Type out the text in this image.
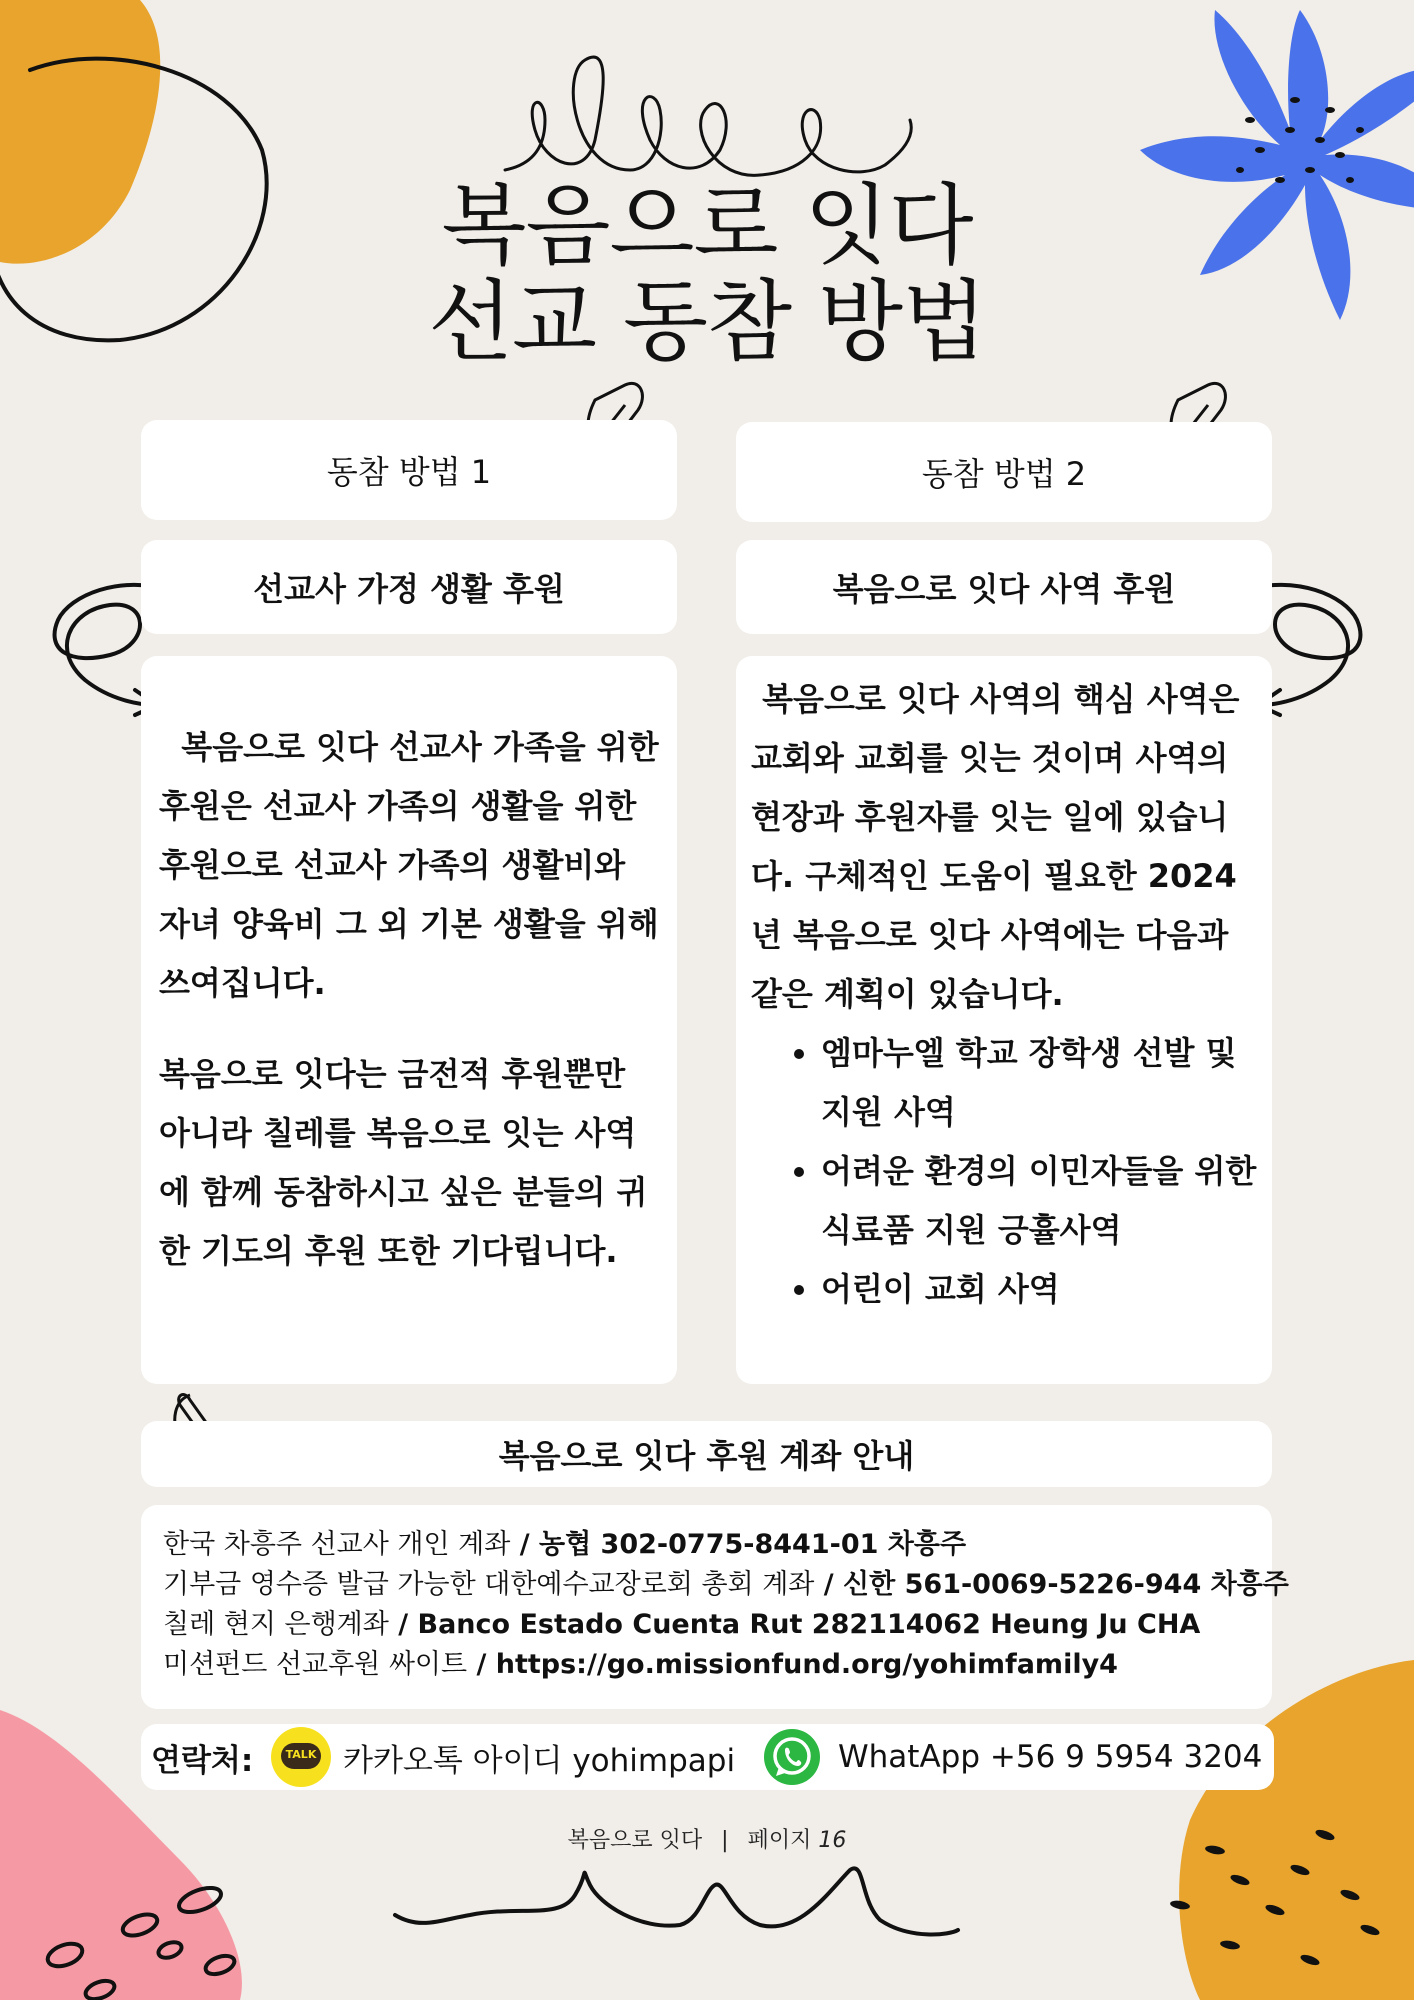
복음으로 잇다
선교 동참 방법
동참 방법 1
선교사 가정 생활 후원

복음으로 잇다 선교사 가족을 위한 후원은 선교사 가족의 생활을 위한 후원으로 선교사 가족의 생활비와 자녀 양육비 그 외 기본 생활을 위해 쓰여집니다.

복음으로 잇다는 금전적 후원뿐만 아니라 칠레를 복음으로 잇는 사역에 함께 동참하시고 싶은 분들의 귀한 기도의 후원 또한 기다립니다.

동참 방법 2
복음으로 잇다 사역 후원

복음으로 잇다 사역의 핵심 사역은 교회와 교회를 잇는 것이며 사역의 현장과 후원자를 잇는 일에 있습니다. 구체적인 도움이 필요한 2024년 복음으로 잇다 사역에는 다음과 같은 계획이 있습니다.

• 엠마누엘 학교 장학생 선발 및 지원 사역
• 어려운 환경의 이민자들을 위한 식료품 지원 긍휼사역
• 어린이 교회 사역
복음으로 잇다 후원 계좌 안내
한국 차흥주 선교사 개인 계좌 / 농협 302-0775-8441-01 차흥주
기부금 영수증 발급 가능한 대한예수교장로회 총회 계좌 / 신한 561-0069-5226-944 차흥주
칠레 현지 은행계좌 / Banco Estado Cuenta Rut 282114062 Heung Ju CHA
미션펀드 선교후원 싸이트 / https://go.missionfund.org/yohimfamily4
연락처:	TALK 카카오톡 아이디 yohimpapi	WhatApp +56 9 5954 3204
복음으로 잇다 | 페이지 16
